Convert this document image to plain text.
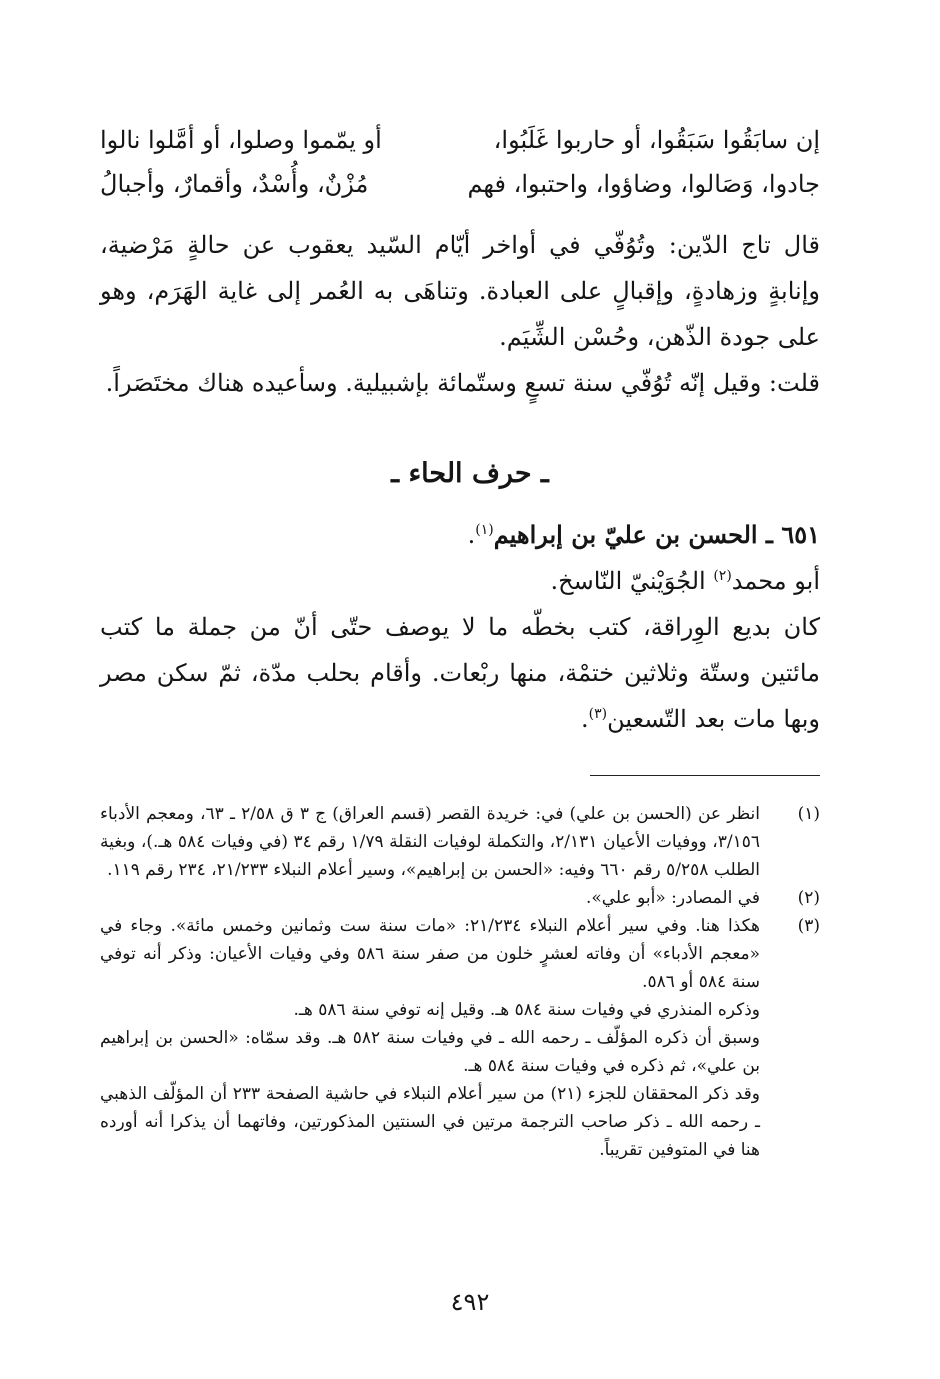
إن سابَقُوا سَبَقُوا، أو حاربوا غَلَبُوا،
أو يمّموا وصلوا، أو أمَّلوا نالوا
جادوا، وَصَالوا، وضاؤوا، واحتبوا، فهم
مُزْنٌ، وأُسْدٌ، وأقمارٌ، وأجبالُ
قال تاج الدّين: وتُوُفّي في أواخر أيّام السّيد يعقوب عن حالةٍ مَرْضية، وإنابةٍ وزهادةٍ، وإقبالٍ على العبادة. وتناهَى به العُمر إلى غاية الهَرَم، وهو على جودة الذّهن، وحُسْن الشِّيَم.
قلت: وقيل إنّه تُوُفّي سنة تسعٍ وستّمائة بإشبيلية. وسأعيده هناك مختَصَراً.
ـ حرف الحاء ـ
٦٥١ ـ الحسن بن عليّ بن إبراهيم$^{(١)}$.
أبو محمد$^{(٢)}$ الجُوَيْنيّ النّاسخ.
كان بديع الوِراقة، كتب بخطّه ما لا يوصف حتّى أنّ من جملة ما كتب مائتين وستّة وثلاثين ختمْة، منها ربْعات. وأقام بحلب مدّة، ثمّ سكن مصر وبها مات بعد التّسعين$^{(٣)}$.
(١)

انظر عن (الحسن بن علي) في: خريدة القصر (قسم العراق) ج ٣ ق ٢/٥٨ ـ ٦٣، ومعجم الأدباء ٣/١٥٦، ووفيات الأعيان ٢/١٣١، والتكملة لوفيات النقلة ١/٧٩ رقم ٣٤ (في وفيات ٥٨٤ هـ.)، وبغية الطلب ٥/٢٥٨ رقم ٦٦٠ وفيه: «الحسن بن إبراهيم»، وسير أعلام النبلاء ٢١/٢٣٣، ٢٣٤ رقم ١١٩.

(٢)

في المصادر: «أبو علي».

(٣)

هكذا هنا. وفي سير أعلام النبلاء ٢١/٢٣٤: «مات سنة ست وثمانين وخمس مائة». وجاء في «معجم الأدباء» أن وفاته لعشرٍ خلون من صفر سنة ٥٨٦ وفي وفيات الأعيان: وذكر أنه توفي سنة ٥٨٤ أو ٥٨٦.

وذكره المنذري في وفيات سنة ٥٨٤ هـ. وقيل إنه توفي سنة ٥٨٦ هـ.

وسبق أن ذكره المؤلّف ـ رحمه الله ـ في وفيات سنة ٥٨٢ هـ. وقد سمّاه: «الحسن بن إبراهيم بن علي»، ثم ذكره في وفيات سنة ٥٨٤ هـ.

وقد ذكر المحققان للجزء (٢١) من سير أعلام النبلاء في حاشية الصفحة ٢٣٣ أن المؤلّف الذهبي ـ رحمه الله ـ ذكر صاحب الترجمة مرتين في السنتين المذكورتين، وفاتهما أن يذكرا أنه أورده هنا في المتوفين تقريباً.

٤٩٢
